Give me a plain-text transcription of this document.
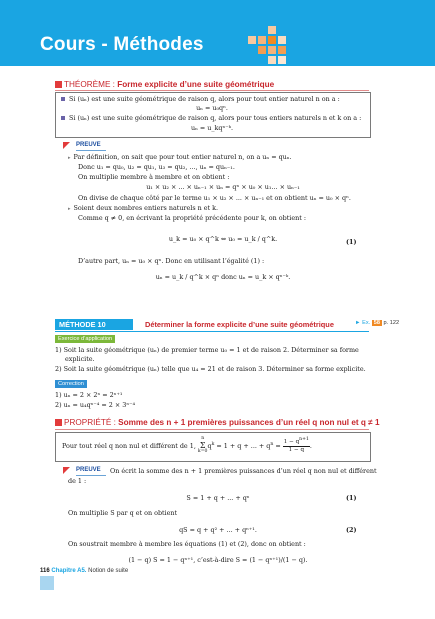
Cours - Méthodes
THÉORÈME : Forme explicite d’une suite géométrique
Si (uₙ) est une suite géométrique de raison q, alors pour tout entier naturel n on a :
uₙ = u₀qⁿ.
Si (uₙ) est une suite géométrique de raison q, alors pour tous entiers naturels n et k on a :
uₙ = u_kqⁿ⁻ᵏ.
PREUVE
▸ Par définition, on sait que pour tout entier naturel n, on a uₙ = quₙ.
Donc u₁ = qu₀, u₂ = qu₁, u₃ = qu₂, ..., uₙ = quₙ₋₁.
On multiplie membre à membre et on obtient :
u₁ × u₂ × ... × uₙ₋₁ × uₙ = qⁿ × u₀ × u₁... × uₙ₋₁
On divise de chaque côté par le terme u₁ × u₂ × ... × uₙ₋₁ et on obtient uₙ = u₀ × qⁿ.
▸ Soient deux nombres entiers naturels n et k.
Comme q ≠ 0, en écrivant la propriété précédente pour k, on obtient :
u_k = u₀ × q^k ⇔ u₀ = u_k / q^k.	(1)
D’autre part, uₙ = u₀ × qⁿ. Donc en utilisant l’égalité (1) :
uₙ = u_k / q^k × qⁿ donc uₙ = u_k × qⁿ⁻ᵏ.
MÉTHODE 10	Déterminer la forme explicite d’une suite géométrique	► Ex. 58 p. 122
Exercice d’application
1) Soit la suite géométrique (uₙ) de premier terme u₀ = 1 et de raison 2. Déterminer sa forme
explicite.
2) Soit la suite géométrique (uₙ) telle que u₄ = 21 et de raison 3. Déterminer sa forme explicite.
Correction
1) uₙ = 2 × 2ⁿ = 2ⁿ⁺¹
2) uₙ = u₄qⁿ⁻⁴ = 2 × 3ⁿ⁻⁴
PROPRIÉTÉ : Somme des n + 1 premières puissances d’un réel q non nul et q ≠ 1
Pour tout réel q non nul et différent de 1, n
Σ
$k=0q^k = 1 + q$ + ... + $q^n = \frac{1 - q^{n+1}}{1 - q}$ .
PREUVE On écrit la somme des n + 1 premières puissances d’un réel q non nul et différent
de 1 :
S = 1 + q + ... + qⁿ	(1)
On multiplie S par q et on obtient
qS = q + q² + ... + qⁿ⁺¹.	(2)
On soustrait membre à membre les équations (1) et (2), donc on obtient :
(1 − q) S = 1 − qⁿ⁺¹, c’est-à-dire S = (1 − qⁿ⁺¹)/(1 − q).
116 Chapitre A5. Notion de suite
